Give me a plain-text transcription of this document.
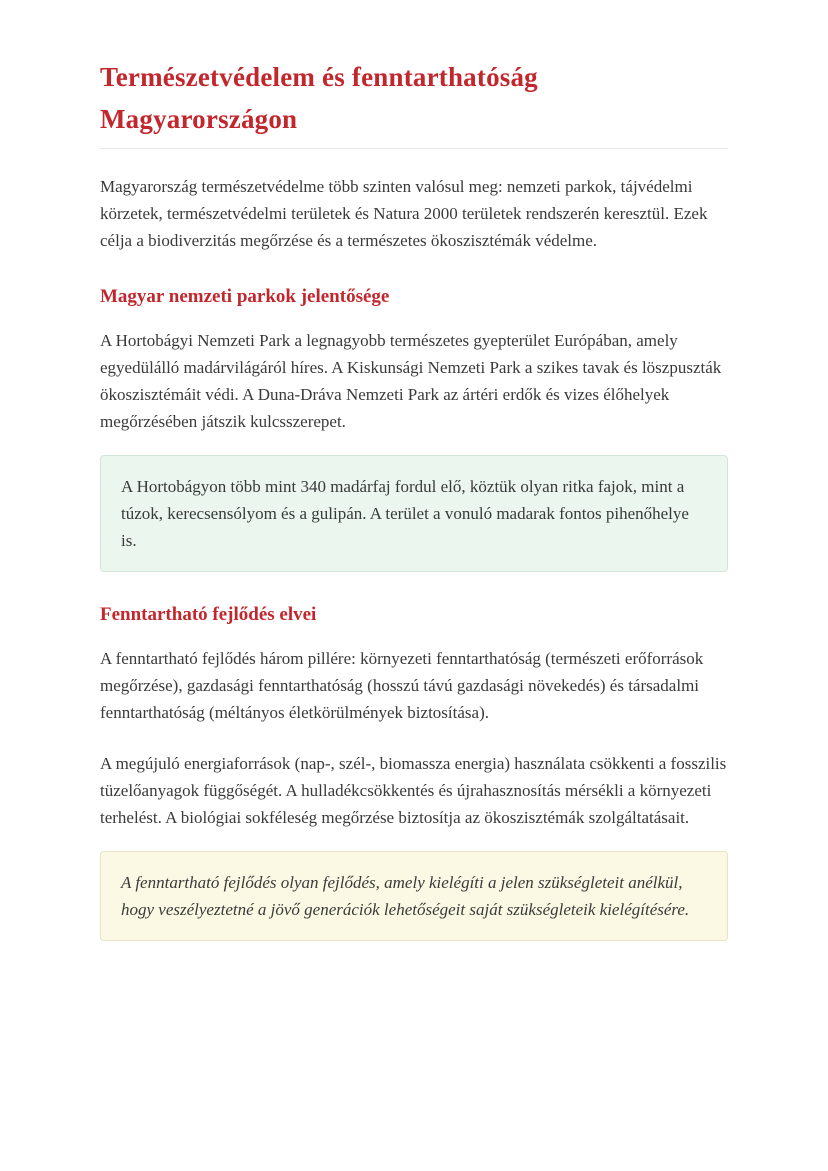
Természetvédelem és fenntarthatóság Magyarországon

Magyarország természetvédelme több szinten valósul meg: nemzeti parkok, tájvédelmi körzetek, természetvédelmi területek és Natura 2000 területek rendszerén keresztül. Ezek célja a biodiverzitás megőrzése és a természetes ökoszisztémák védelme.

Magyar nemzeti parkok jelentősége

A Hortobágyi Nemzeti Park a legnagyobb természetes gyepterület Európában, amely egyedülálló madárvilágáról híres. A Kiskunsági Nemzeti Park a szikes tavak és löszpuszták ökoszisztémáit védi. A Duna-Dráva Nemzeti Park az ártéri erdők és vizes élőhelyek megőrzésében játszik kulcsszerepet.

A Hortobágyon több mint 340 madárfaj fordul elő, köztük olyan ritka fajok, mint a túzok, kerecsensólyom és a gulipán. A terület a vonuló madarak fontos pihenőhelye is.

Fenntartható fejlődés elvei

A fenntartható fejlődés három pillére: környezeti fenntarthatóság (természeti erőforrások megőrzése), gazdasági fenntarthatóság (hosszú távú gazdasági növekedés) és társadalmi fenntarthatóság (méltányos életkörülmények biztosítása).

A megújuló energiaforrások (nap-, szél-, biomassza energia) használata csökkenti a fosszilis tüzelőanyagok függőségét. A hulladékcsökkentés és újrahasznosítás mérsékli a környezeti terhelést. A biológiai sokféleség megőrzése biztosítja az ökoszisztémák szolgáltatásait.

A fenntartható fejlődés olyan fejlődés, amely kielégíti a jelen szükségleteit anélkül, hogy veszélyeztetné a jövő generációk lehetőségeit saját szükségleteik kielégítésére.
